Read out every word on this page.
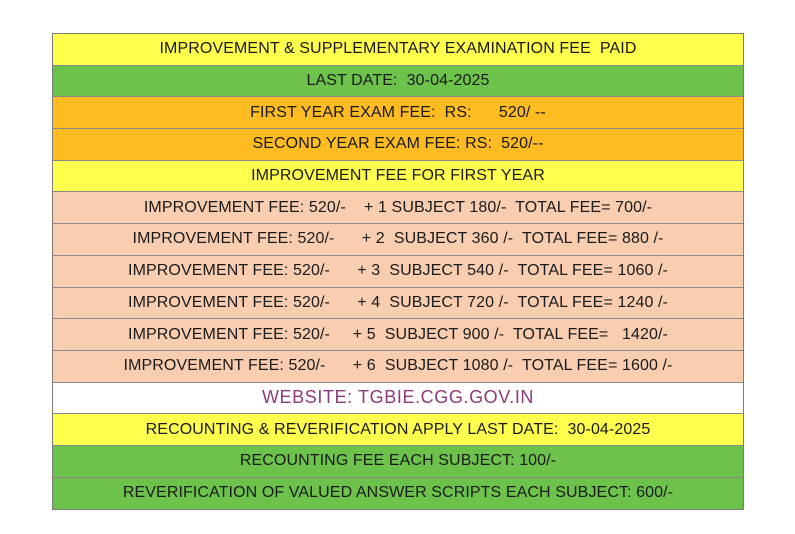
IMPROVEMENT & SUPPLEMENTARY EXAMINATION FEE  PAID
LAST DATE:  30-04-2025
FIRST YEAR EXAM FEE:  RS:      520/ --
SECOND YEAR EXAM FEE: RS:  520/--
IMPROVEMENT FEE FOR FIRST YEAR
IMPROVEMENT FEE: 520/-    + 1 SUBJECT 180/-  TOTAL FEE= 700/-
IMPROVEMENT FEE: 520/-      + 2  SUBJECT 360 /-  TOTAL FEE= 880 /-
IMPROVEMENT FEE: 520/-      + 3  SUBJECT 540 /-  TOTAL FEE= 1060 /-
IMPROVEMENT FEE: 520/-      + 4  SUBJECT 720 /-  TOTAL FEE= 1240 /-
IMPROVEMENT FEE: 520/-     + 5  SUBJECT 900 /-  TOTAL FEE=   1420/-
IMPROVEMENT FEE: 520/-      + 6  SUBJECT 1080 /-  TOTAL FEE= 1600 /-
WEBSITE: TGBIE.CGG.GOV.IN
RECOUNTING & REVERIFICATION APPLY LAST DATE:  30-04-2025
RECOUNTING FEE EACH SUBJECT: 100/-
REVERIFICATION OF VALUED ANSWER SCRIPTS EACH SUBJECT: 600/-
